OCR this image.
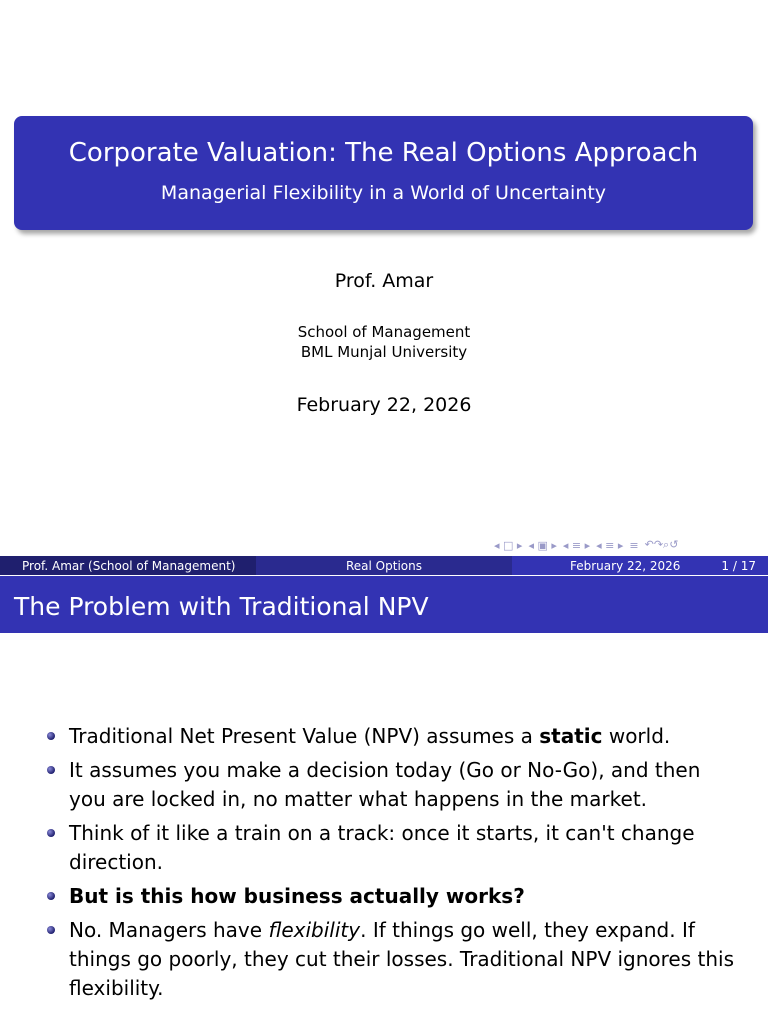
Corporate Valuation: The Real Options Approach
Managerial Flexibility in a World of Uncertainty
Prof. Amar
School of Management
BML Munjal University
February 22, 2026
◂ □ ▸ ◂ ▣ ▸ ◂ ≡ ▸ ◂ ≡ ▸ ≡ ↶↷⌕↺
Prof. Amar (School of Management)	Real Options	February 22, 2026	1 / 17
The Problem with Traditional NPV
Traditional Net Present Value (NPV) assumes a static world.
It assumes you make a decision today (Go or No-Go), and then you are locked in, no matter what happens in the market.
Think of it like a train on a track: once it starts, it can't change direction.
But is this how business actually works?
No. Managers have flexibility. If things go well, they expand. If things go poorly, they cut their losses. Traditional NPV ignores this flexibility.
